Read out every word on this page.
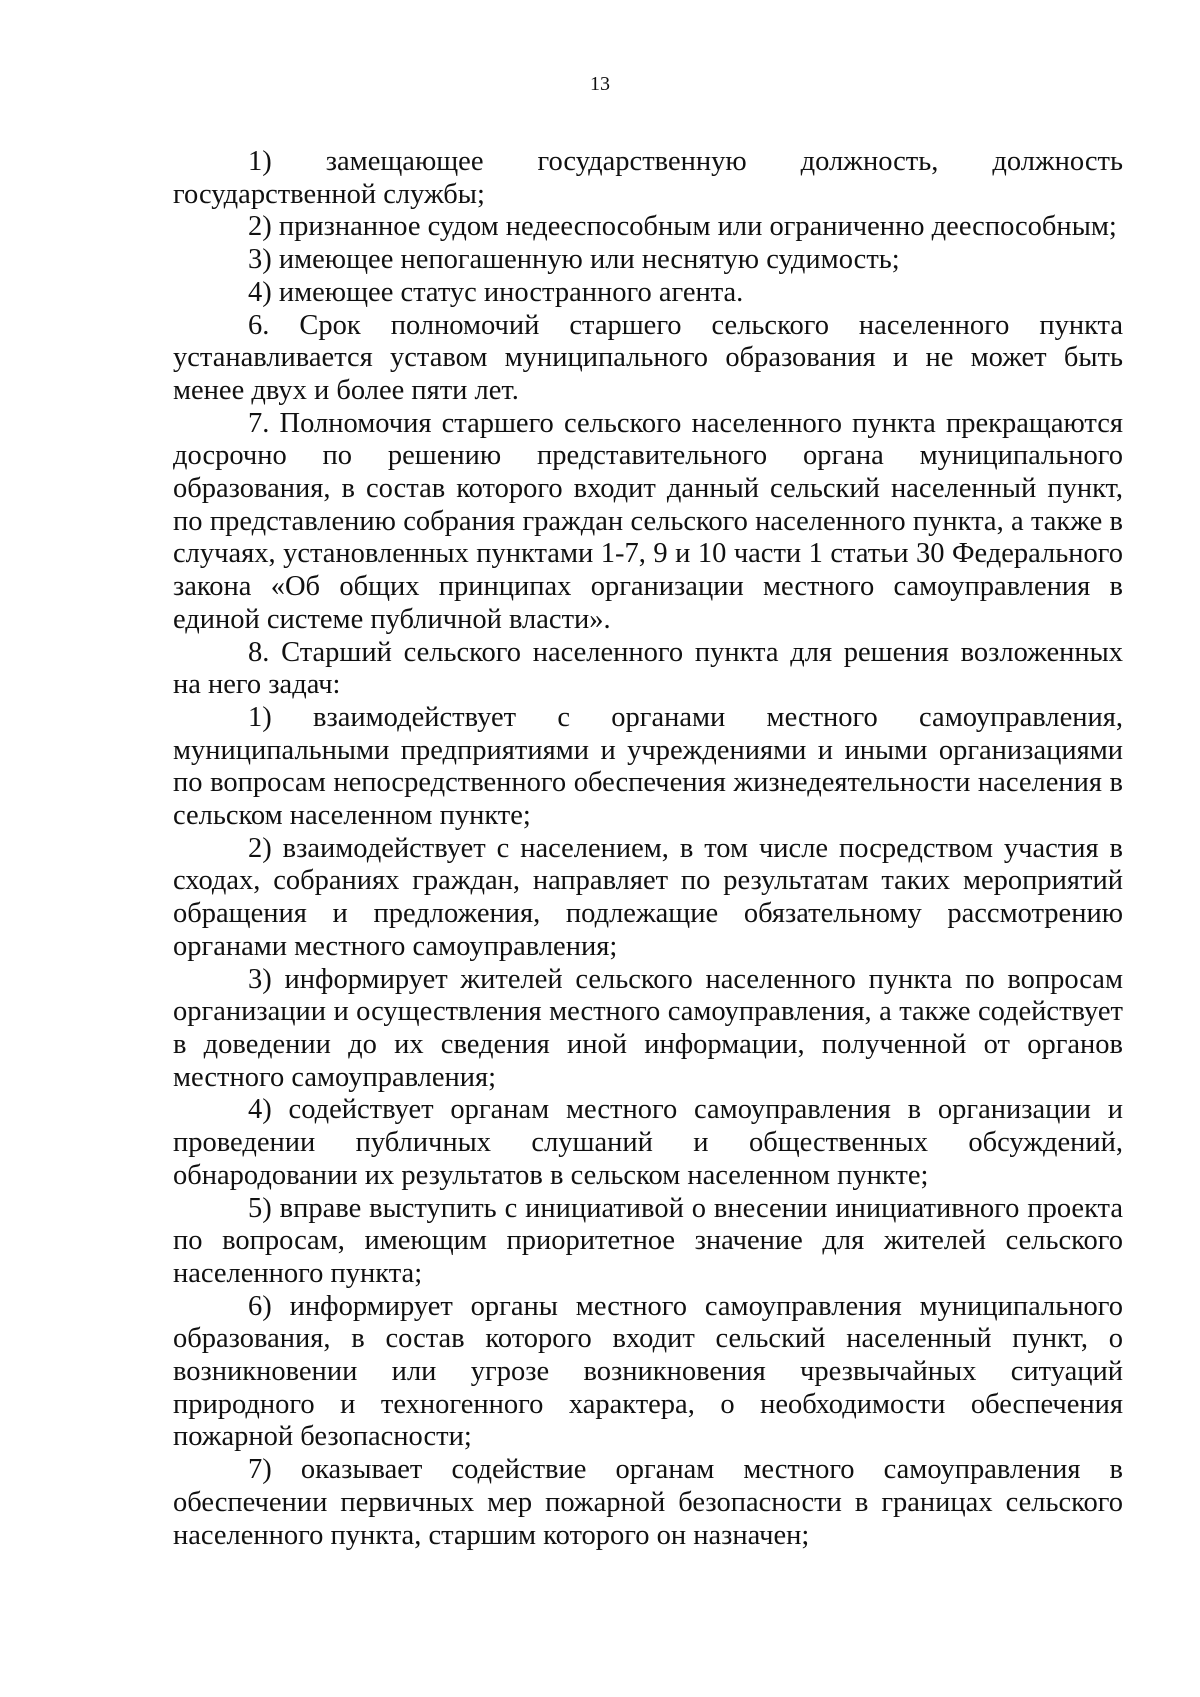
13

1) замещающее государственную должность, должность государственной службы;

2) признанное судом недееспособным или ограниченно дееспособным;

3) имеющее непогашенную или неснятую судимость;

4) имеющее статус иностранного агента.

6. Срок полномочий старшего сельского населенного пункта устанавливается уставом муниципального образования и не может быть менее двух и более пяти лет.

7. Полномочия старшего сельского населенного пункта прекращаются досрочно по решению представительного органа муниципального образования, в состав которого входит данный сельский населенный пункт, по представлению собрания граждан сельского населенного пункта, а также в случаях, установленных пунктами 1-7, 9 и 10 части 1 статьи 30 Федерального закона «Об общих принципах организации местного самоуправления в единой системе публичной власти».

8. Старший сельского населенного пункта для решения возложенных на него задач:

1) взаимодействует с органами местного самоуправления, муниципальными предприятиями и учреждениями и иными организациями по вопросам непосредственного обеспечения жизнедеятельности населения в сельском населенном пункте;

2) взаимодействует с населением, в том числе посредством участия в сходах, собраниях граждан, направляет по результатам таких мероприятий обращения и предложения, подлежащие обязательному рассмотрению органами местного самоуправления;

3) информирует жителей сельского населенного пункта по вопросам организации и осуществления местного самоуправления, а также содействует в доведении до их сведения иной информации, полученной от органов местного самоуправления;

4) содействует органам местного самоуправления в организации и проведении публичных слушаний и общественных обсуждений, обнародовании их результатов в сельском населенном пункте;

5) вправе выступить с инициативой о внесении инициативного проекта по вопросам, имеющим приоритетное значение для жителей сельского населенного пункта;

6) информирует органы местного самоуправления муниципального образования, в состав которого входит сельский населенный пункт, о возникновении или угрозе возникновения чрезвычайных ситуаций природного и техногенного характера, о необходимости обеспечения пожарной безопасности;

7) оказывает содействие органам местного самоуправления в обеспечении первичных мер пожарной безопасности в границах сельского населенного пункта, старшим которого он назначен;
